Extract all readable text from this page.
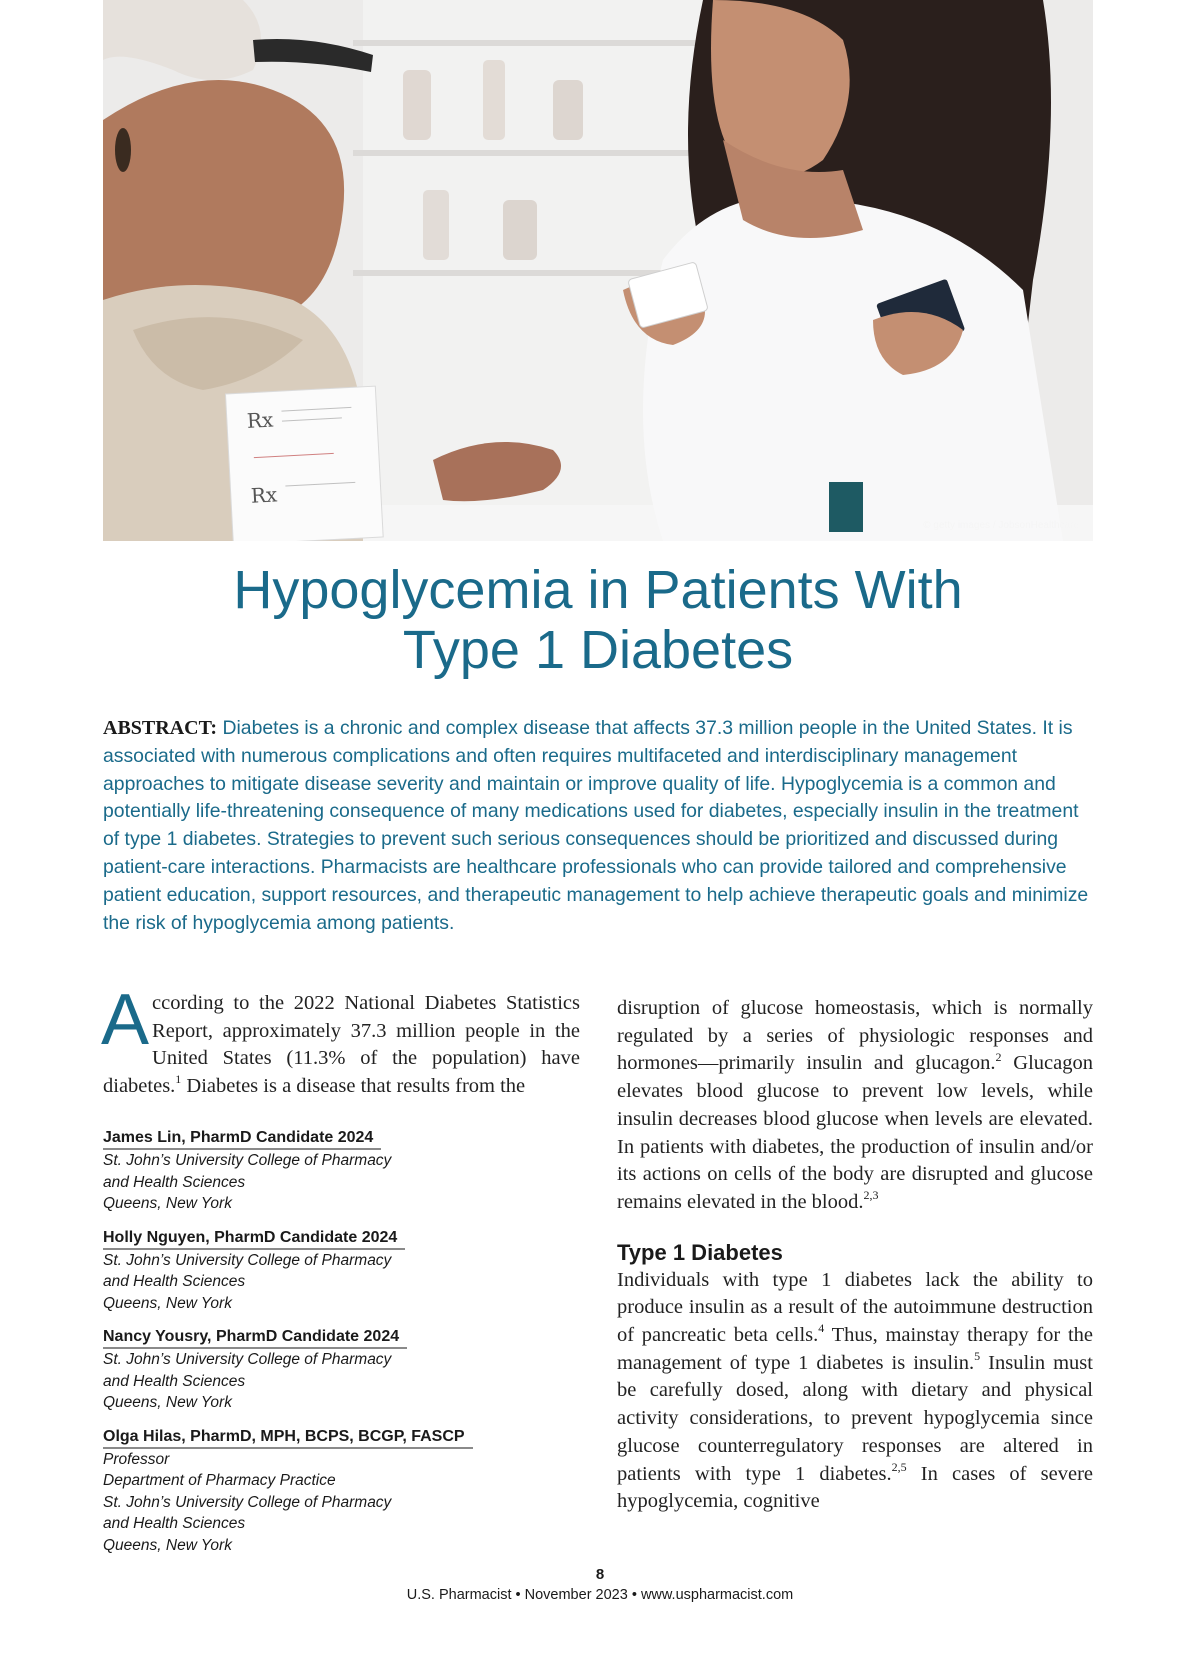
Rx
Rx
© getty images / JobsonHealthcare
Hypoglycemia in Patients With
Type 1 Diabetes

ABSTRACT: Diabetes is a chronic and complex disease that affects 37.3 million people in the United States. It is associated with numerous complications and often requires multifaceted and interdisciplinary management approaches to mitigate disease severity and maintain or improve quality of life. Hypoglycemia is a common and potentially life-threatening consequence of many medications used for diabetes, especially insulin in the treatment of type 1 diabetes. Strategies to prevent such serious consequences should be prioritized and discussed during patient-care interactions. Pharmacists are healthcare professionals who can provide tailored and comprehensive patient education, support resources, and therapeutic management to help achieve therapeutic goals and minimize the risk of hypoglycemia among patients.

According to the 2022 National Diabetes Statistics Report, approximately 37.3 million people in the United States (11.3% of the population) have diabetes.$^1$ Diabetes is a disease that results from the

James Lin, PharmD Candidate 2024
St. John’s University College of Pharmacy
and Health Sciences
Queens, New York
Holly Nguyen, PharmD Candidate 2024
St. John’s University College of Pharmacy
and Health Sciences
Queens, New York
Nancy Yousry, PharmD Candidate 2024
St. John’s University College of Pharmacy
and Health Sciences
Queens, New York
Olga Hilas, PharmD, MPH, BCPS, BCGP, FASCP
Professor
Department of Pharmacy Practice
St. John’s University College of Pharmacy
and Health Sciences
Queens, New York

disruption of glucose homeostasis, which is normally regulated by a series of physiologic responses and hormones—primarily insulin and glucagon.$^2$ Glucagon elevates blood glucose to prevent low levels, while insulin decreases blood glucose when levels are elevated. In patients with diabetes, the production of insulin and/or its actions on cells of the body are disrupted and glucose remains elevated in the blood.$^{2,3}$

Type 1 Diabetes

Individuals with type 1 diabetes lack the ability to produce insulin as a result of the autoimmune destruction of pancreatic beta cells.$^4$ Thus, mainstay therapy for the management of type 1 diabetes is insulin.$^5$ Insulin must be carefully dosed, along with dietary and physical activity considerations, to prevent hypoglycemia since glucose counterregulatory responses are altered in patients with type 1 diabetes.$^{2,5}$ In cases of severe hypoglycemia, cognitive

8
U.S. Pharmacist • November 2023 • www.uspharmacist.com
